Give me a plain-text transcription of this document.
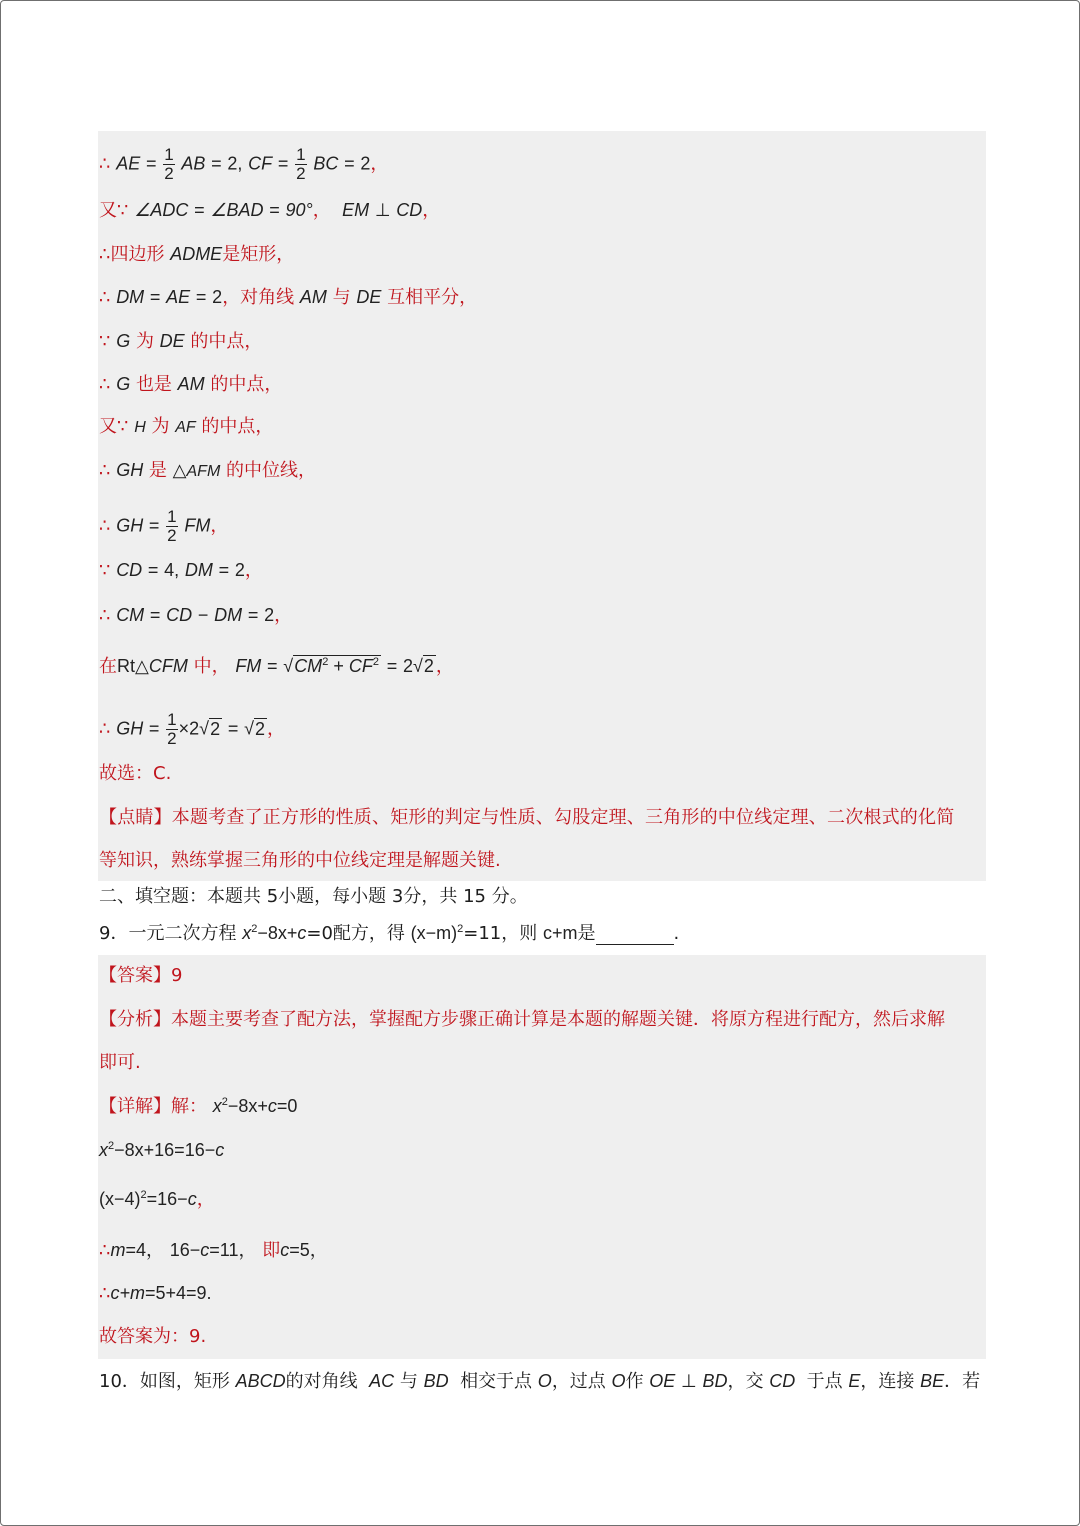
∴ AE = $\frac{1}{2}$ AB = 2, CF = $\frac{1}{2}$ BC = 2，
又∵ ∠ADC = ∠BAD = 90°， EM ⊥ CD，
∴四边形 ADME是矩形，
∴ DM = AE = 2，对角线 AM 与 DE 互相平分，
∵ G 为 DE 的中点，
∴ G 也是 AM 的中点，
又∵ H 为 AF 的中点，
∴ GH 是 △AFM 的中位线，
∴ GH = $\frac{1}{2}$ FM，
∵ CD = 4, DM = 2，
∴ CM = CD − DM = 2，
在Rt△CFM 中， FM = $√CM^2 + CF^2 = 2√2$ ，
∴ GH = $\frac{1}{2} \times 2√2 = √2$ ，
故选：C.
【点睛】本题考查了正方形的性质、矩形的判定与性质、勾股定理、三角形的中位线定理、二次根式的化简
等知识，熟练掌握三角形的中位线定理是解题关键.
二、填空题：本题共 5小题，每小题 3分，共 15 分。
9．一元二次方程 $x^2-8x+c=0$配方，得 $(x-m)^2=11$，则 c+m是	.
【答案】9
【分析】本题主要考查了配方法，掌握配方步骤正确计算是本题的解题关键．将原方程进行配方，然后求解
即可.
【详解】解： $x^2-8x+c=0$
$x^2-8x+16=16-c$
$(x-4)^2=16-c$，
∴m=4， 16−c=11， 即c=5，
∴c+m=5+4=9.
故答案为：9.
10．如图，矩形 ABCD的对角线 AC 与 BD 相交于点 O，过点 O作 OE ⊥ BD，交 CD 于点 E，连接 BE．若
